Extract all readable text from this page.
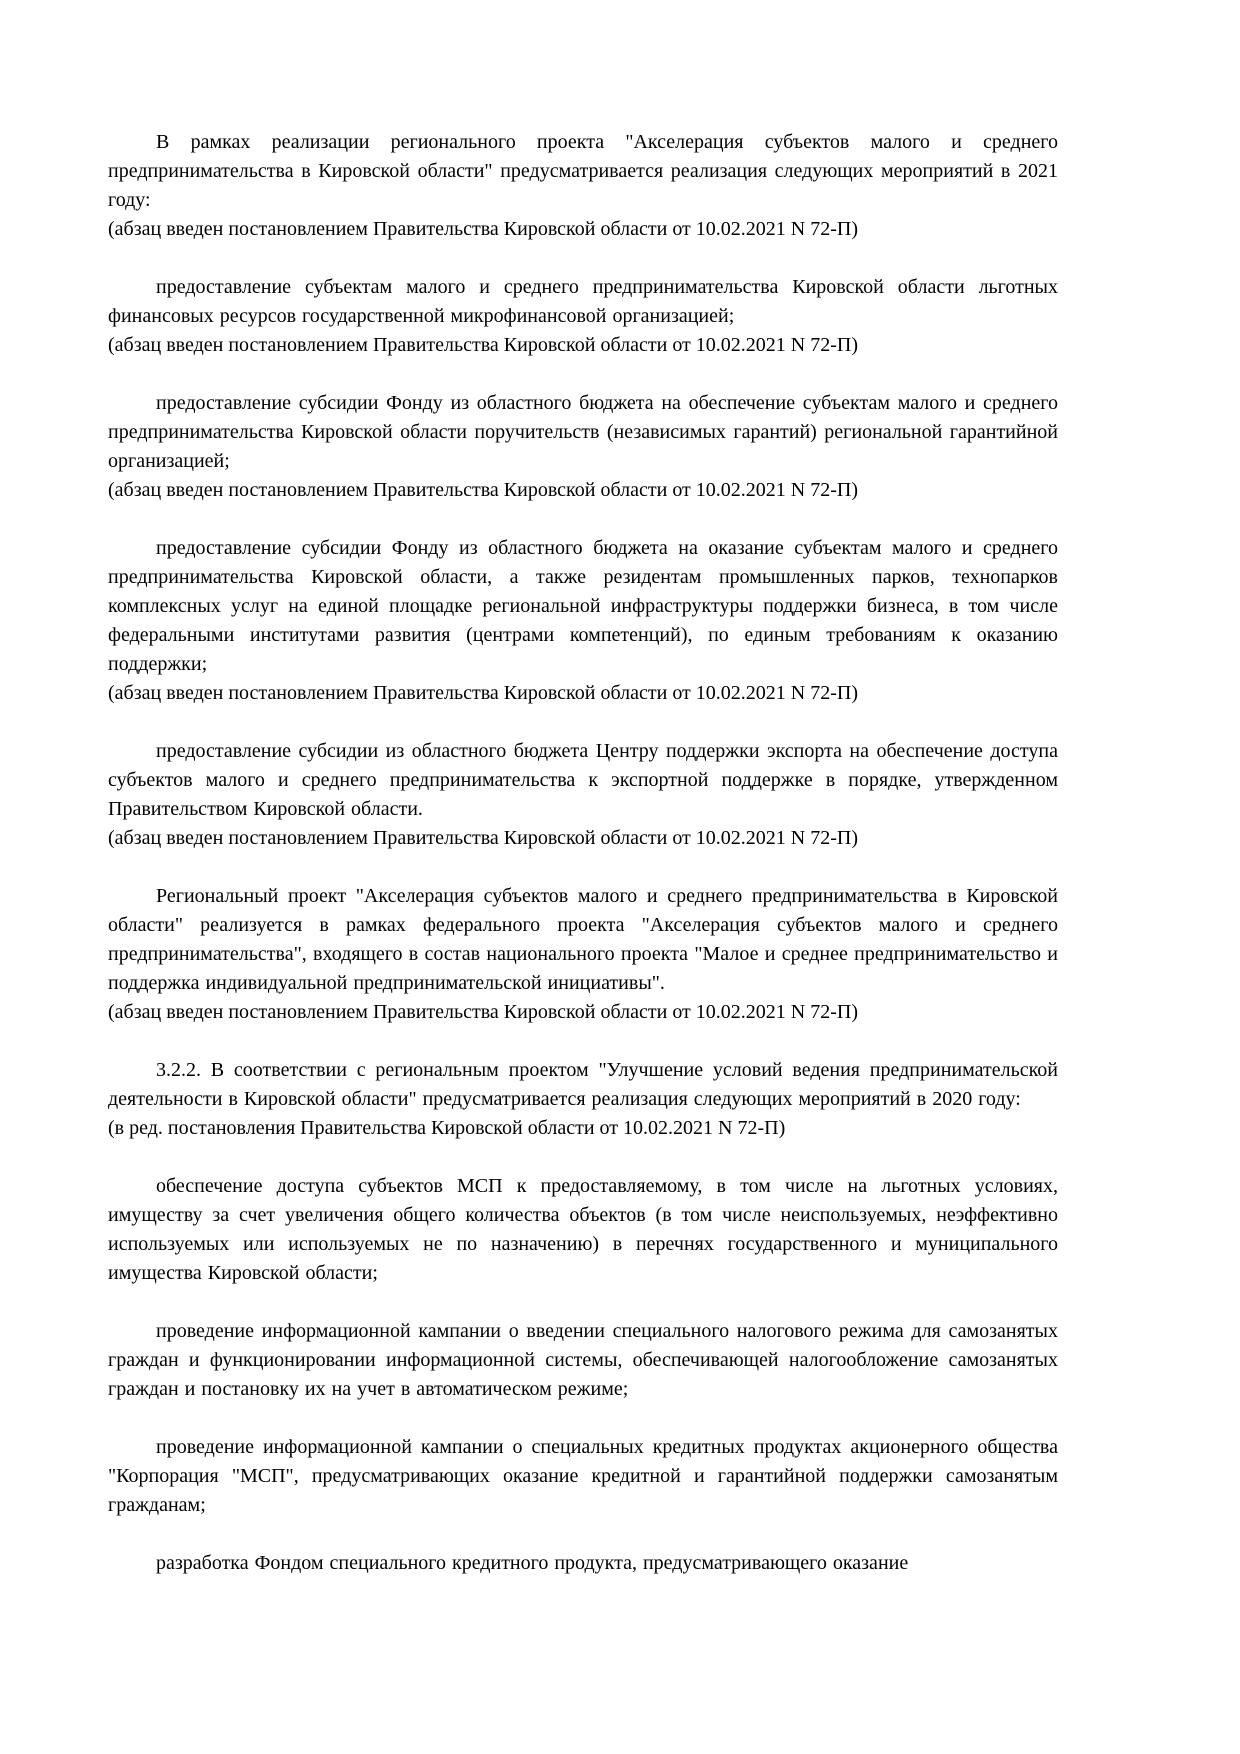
В рамках реализации регионального проекта "Акселерация субъектов малого и среднего предпринимательства в Кировской области" предусматривается реализация следующих мероприятий в 2021 году:

(абзац введен постановлением Правительства Кировской области от 10.02.2021 N 72-П)

предоставление субъектам малого и среднего предпринимательства Кировской области льготных финансовых ресурсов государственной микрофинансовой организацией;

(абзац введен постановлением Правительства Кировской области от 10.02.2021 N 72-П)

предоставление субсидии Фонду из областного бюджета на обеспечение субъектам малого и среднего предпринимательства Кировской области поручительств (независимых гарантий) региональной гарантийной организацией;

(абзац введен постановлением Правительства Кировской области от 10.02.2021 N 72-П)

предоставление субсидии Фонду из областного бюджета на оказание субъектам малого и среднего предпринимательства Кировской области, а также резидентам промышленных парков, технопарков комплексных услуг на единой площадке региональной инфраструктуры поддержки бизнеса, в том числе федеральными институтами развития (центрами компетенций), по единым требованиям к оказанию поддержки;

(абзац введен постановлением Правительства Кировской области от 10.02.2021 N 72-П)

предоставление субсидии из областного бюджета Центру поддержки экспорта на обеспечение доступа субъектов малого и среднего предпринимательства к экспортной поддержке в порядке, утвержденном Правительством Кировской области.

(абзац введен постановлением Правительства Кировской области от 10.02.2021 N 72-П)

Региональный проект "Акселерация субъектов малого и среднего предпринимательства в Кировской области" реализуется в рамках федерального проекта "Акселерация субъектов малого и среднего предпринимательства", входящего в состав национального проекта "Малое и среднее предпринимательство и поддержка индивидуальной предпринимательской инициативы".

(абзац введен постановлением Правительства Кировской области от 10.02.2021 N 72-П)

3.2.2. В соответствии с региональным проектом "Улучшение условий ведения предпринимательской деятельности в Кировской области" предусматривается реализация следующих мероприятий в 2020 году:

(в ред. постановления Правительства Кировской области от 10.02.2021 N 72-П)

обеспечение доступа субъектов МСП к предоставляемому, в том числе на льготных условиях, имуществу за счет увеличения общего количества объектов (в том числе неиспользуемых, неэффективно используемых или используемых не по назначению) в перечнях государственного и муниципального имущества Кировской области;

проведение информационной кампании о введении специального налогового режима для самозанятых граждан и функционировании информационной системы, обеспечивающей налогообложение самозанятых граждан и постановку их на учет в автоматическом режиме;

проведение информационной кампании о специальных кредитных продуктах акционерного общества "Корпорация "МСП", предусматривающих оказание кредитной и гарантийной поддержки самозанятым гражданам;

разработка Фондом специального кредитного продукта, предусматривающего оказание
